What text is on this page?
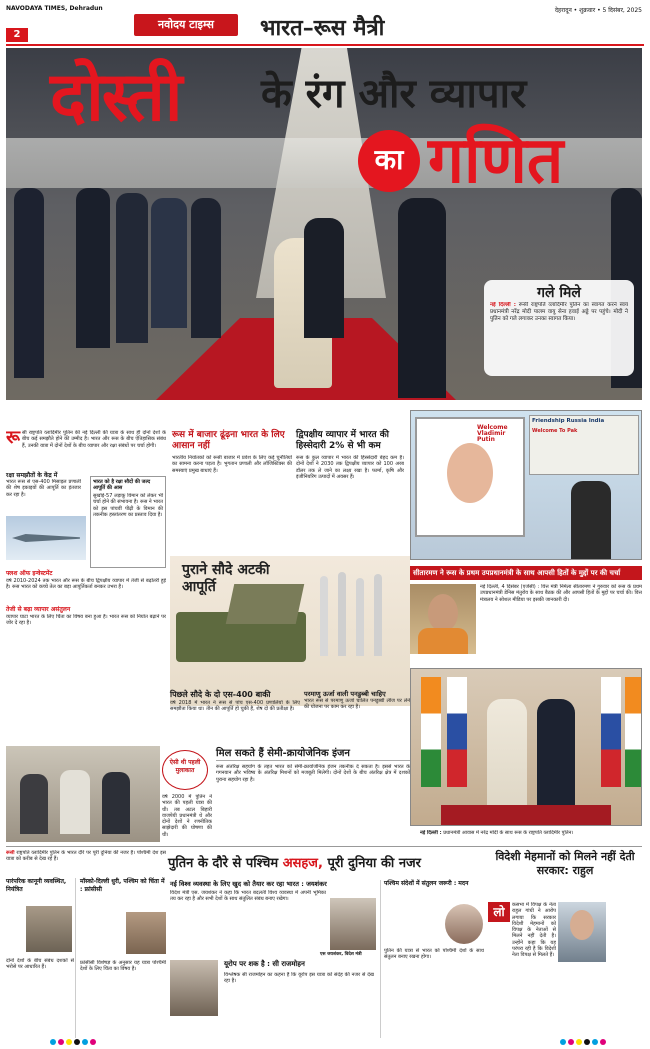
NAVODAYA TIMES, Dehradun
2
नवोदय टाइम्स	भारत–रूस मैत्री
देहरादून • शुक्रवार • 5 दिसंबर, 2025
दोस्ती के रंग और व्यापार
का गणित
गले मिले
नई दिल्ली : रूसी राष्ट्रपति व्लादिमीर पुतिन का स्वागत करने स्वयं प्रधानमंत्री नरेंद्र मोदी पालम वायु सेना हवाई अड्डे पर पहुंचे। मोदी ने पुतिन को गले लगाकर उनका स्वागत किया।
रू सी राष्ट्रपति व्लादिमीर पुतिन की नई दिल्ली की यात्रा के साथ ही दोनों देशों के बीच कई समझौते होने की उम्मीद है। भारत और रूस के बीच ऐतिहासिक संबंध हैं, उनकी यात्रा में दोनों देशों के बीच व्यापार और रक्षा संबंधों पर चर्चा होगी।
रक्षा समझौतों के केंद्र में
भारत रूस से एस-400 मिसाइल प्रणाली की शेष इकाइयों की आपूर्ति का इंतजार कर रहा है।
भारत को है रक्षा सौदों की जल्द आपूर्ति की आस
सुखोई-57 लड़ाकू विमान को लेकर भी चर्चा होने की संभावना है। रूस ने भारत को इस पांचवीं पीढ़ी के विमान की तकनीक हस्तांतरण का प्रस्ताव दिया है।
फ्लश ऑफ इन्वेस्टमेंट
वर्ष 2010-2024 तक भारत और रूस के बीच द्विपक्षीय व्यापार में तेजी से बढ़ोतरी हुई है। रूस भारत को कच्चे तेल का बड़ा आपूर्तिकर्ता बनकर उभरा है।
तेजी से बढ़ा व्यापार असंतुलन
व्यापार घाटा भारत के लिए चिंता का विषय बना हुआ है। भारत रूस को निर्यात बढ़ाने पर जोर दे रहा है।
रूस में बाजार ढूंढ़ना भारत के लिए आसान नहीं
भारतीय निर्यातकों को रूसी बाजार में प्रवेश के लिए कई चुनौतियों का सामना करना पड़ता है। भुगतान प्रणाली और लॉजिस्टिक्स की समस्याएं प्रमुख बाधाएं हैं।
द्विपक्षीय व्यापार में भारत की हिस्सेदारी 2% से भी कम
रूस के कुल व्यापार में भारत की हिस्सेदारी बेहद कम है। दोनों देशों ने 2030 तक द्विपक्षीय व्यापार को 100 अरब डॉलर तक ले जाने का लक्ष्य रखा है। फार्मा, कृषि और इंजीनियरिंग उत्पादों में अवसर हैं।
पुराने सौदे अटकी आपूर्ति
पिछले सौदे के दो एस-400 बाकी
वर्ष 2018 में भारत ने रूस से पांच एस-400 प्रणालियों के लिए समझौता किया था। तीन की आपूर्ति हो चुकी है, शेष दो की प्रतीक्षा है।
परमाणु ऊर्जा वाली पनडुब्बी चाहिए
भारत रूस से परमाणु ऊर्जा चालित पनडुब्बी लीज पर लेने की योजना पर काम कर रहा है।
Welcome Vladimir Putin
Friendship Russia India
Welcome To Pak
सीतारमण ने रूस के प्रथम उपप्रधानमंत्री के साथ आपसी हितों के मुद्दों पर की चर्चा
नई दिल्ली, 4 दिसंबर (एजेंसी) : वित्त मंत्री निर्मला सीतारमण ने गुरुवार को रूस के प्रथम उपप्रधानमंत्री डेनिस मंतुरोव के साथ बैठक की और आपसी हितों के मुद्दों पर चर्चा की। वित्त मंत्रालय ने सोशल मीडिया पर इसकी जानकारी दी।
नई दिल्ली : प्रधानमंत्री आवास में नरेंद्र मोदी के साथ रूस के राष्ट्रपति व्लादिमीर पुतिन।
मिल सकते हैं सेमी-क्रायोजेनिक इंजन
रूस अंतरिक्ष सहयोग के तहत भारत को सेमी-क्रायोजेनिक इंजन तकनीक दे सकता है। इससे भारत के गगनयान और भविष्य के अंतरिक्ष मिशनों को मजबूती मिलेगी। दोनों देशों के बीच अंतरिक्ष क्षेत्र में दशकों पुराना सहयोग रहा है।
ऐसी थी पहली मुलाकात
वर्ष 2000 में पुतिन ने भारत की पहली यात्रा की थी। तब अटल बिहारी वाजपेयी प्रधानमंत्री थे और दोनों देशों ने रणनीतिक साझेदारी की घोषणा की थी।
रूसी राष्ट्रपति व्लादिमीर पुतिन के भारत दौरे पर पूरी दुनिया की नजर है। पश्चिमी देश इस यात्रा को करीब से देख रहे हैं।	पुतिन के दौरे से पश्चिम असहज, पूरी दुनिया की नजर
पारंपरिक कानूनी व्यवस्थित, नियंत्रित
दोनों देशों के बीच संबंध दशकों से भरोसे पर आधारित हैं।
मॉस्को-दिल्ली धुरी, पश्चिम को चिंता में : फ्रांसीसी
फ्रांसीसी विशेषज्ञ के अनुसार यह यात्रा पश्चिमी देशों के लिए चिंता का विषय है।
नई विश्व व्यवस्था के लिए खुद को तैयार कर रहा भारत : जयशंकर
विदेश मंत्री एस. जयशंकर ने कहा कि भारत बदलती विश्व व्यवस्था में अपनी भूमिका तय कर रहा है और सभी देशों के साथ संतुलित संबंध बनाए रखेगा।
एस जयशंकर, विदेश मंत्री
यूरोप पर शक है : सी राजमोहन
विश्लेषक सी राजमोहन का कहना है कि यूरोप इस यात्रा को संदेह की नजर से देख रहा है।
पश्चिम संदेशों में संतुलन जरूरी : मदन
पुतिन की यात्रा से भारत को पश्चिमी देशों के साथ संतुलन बनाए रखना होगा।
विदेशी मेहमानों को मिलने नहीं देती सरकार: राहुल
लो	कसभा में विपक्ष के नेता राहुल गांधी ने आरोप लगाया कि सरकार विदेशी मेहमानों को विपक्ष के नेताओं से मिलने नहीं देती है। उन्होंने कहा कि यह परंपरा रही है कि विदेशी नेता विपक्ष से मिलते हैं।
